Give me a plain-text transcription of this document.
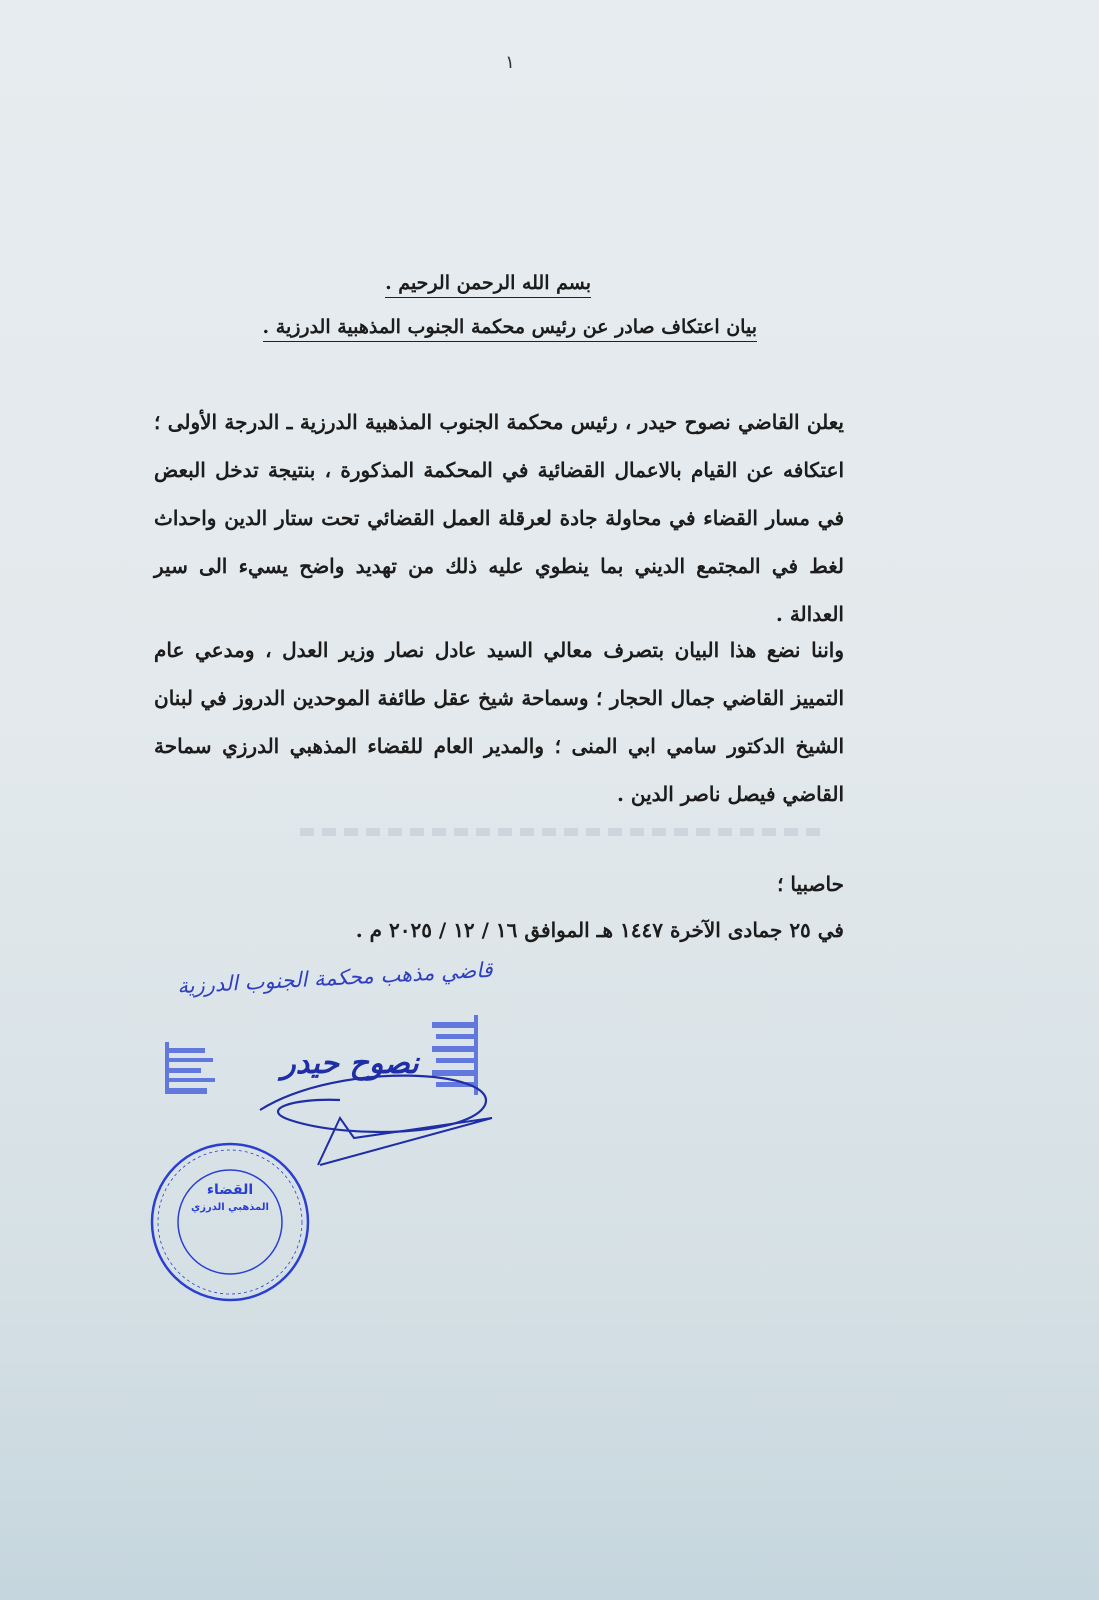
١
بسم الله الرحمن الرحيم .
بيان اعتكاف صادر عن رئيس محكمة الجنوب المذهبية الدرزية .

يعلن القاضي نصوح حيدر ، رئيس محكمة الجنوب المذهبية الدرزية ـ الدرجة الأولى ؛ اعتكافه عن القيام بالاعمال القضائية في المحكمة المذكورة ، بنتيجة تدخل البعض في مسار القضاء في محاولة جادة لعرقلة العمل القضائي تحت ستار الدين واحداث لغط في المجتمع الديني بما ينطوي عليه ذلك من تهديد واضح يسيء الى سير العدالة .

واننا نضع هذا البيان بتصرف معالي السيد عادل نصار وزير العدل ، ومدعي عام التمييز القاضي جمال الحجار ؛ وسماحة شيخ عقل طائفة الموحدين الدروز في لبنان الشيخ الدكتور سامي ابي المنى ؛ والمدير العام للقضاء المذهبي الدرزي سماحة القاضي فيصل ناصر الدين .

حاصبيا ؛
في ٢٥ جمادى الآخرة ١٤٤٧ هـ الموافق ١٦ / ١٢ / ٢٠٢٥ م .
قاضي مذهب محكمة الجنوب الدرزية
نصوح حيدر
القضاء
المذهبي الدرزي
